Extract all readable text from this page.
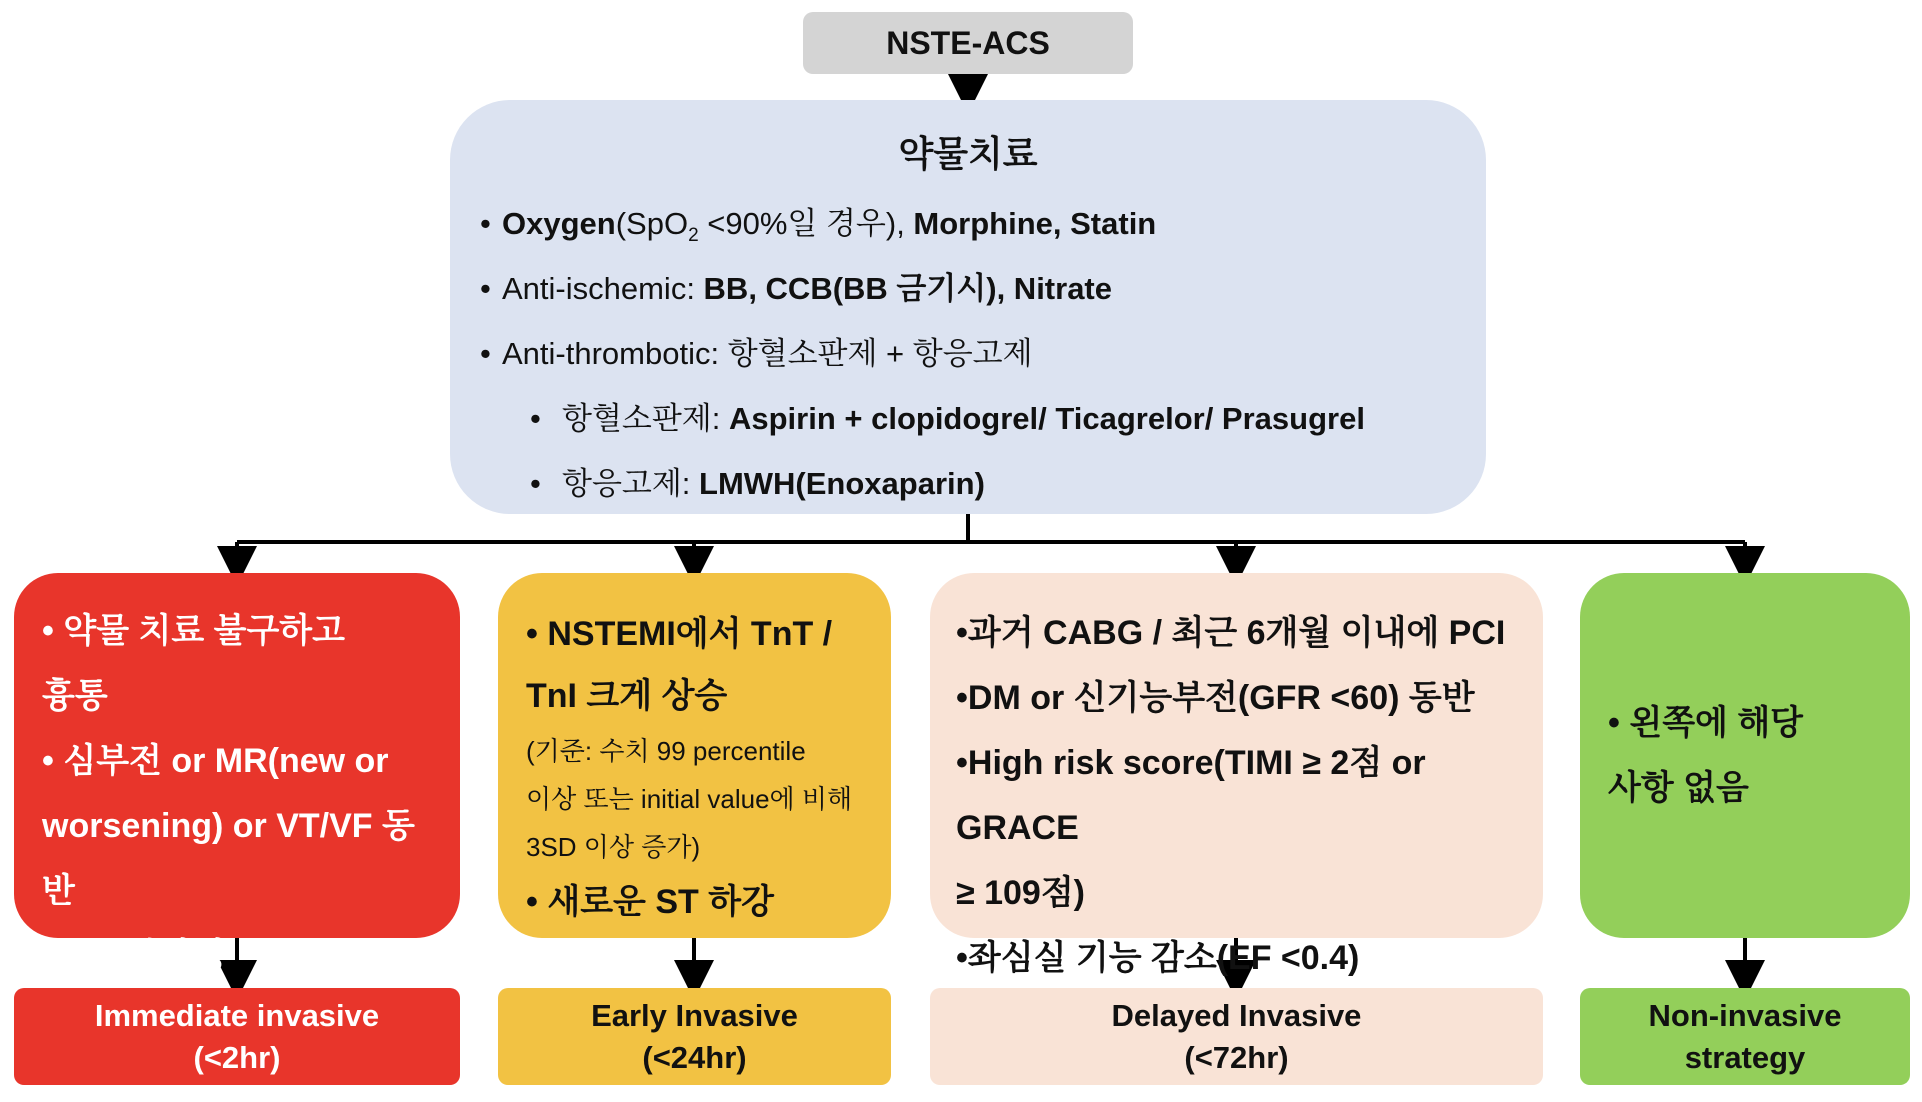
NSTE-ACS
약물치료
• Oxygen(SpO$_2$ <90%일 경우), Morphine, Statin
• Anti-ischemic: BB, CCB(BB 금기시), Nitrate
• Anti-thrombotic: 항혈소판제 + 항응고제
• 항혈소판제: Aspirin + clopidogrel/ Ticagrelor/ Prasugrel
• 항응고제: LMWH(Enoxaparin)
• 약물 치료 불구하고
흉통
• 심부전 or MR(new or
worsening) or VT/VF 동반
• V/S 불안정
• NSTEMI에서 TnT /
TnI 크게 상승
(기준: 수치 99 percentile
이상 또는 initial value에 비해
3SD 이상 증가)
• 새로운 ST 하강
•과거 CABG / 최근 6개월 이내에 PCI
•DM or 신기능부전(GFR <60) 동반
•High risk score(TIMI ≥ 2점 or GRACE
≥ 109점)
•좌심실 기능 감소(EF <0.4)
• 왼쪽에 해당
사항 없음
Immediate invasive
(<2hr)
Early Invasive
(<24hr)
Delayed Invasive
(<72hr)
Non-invasive
strategy
